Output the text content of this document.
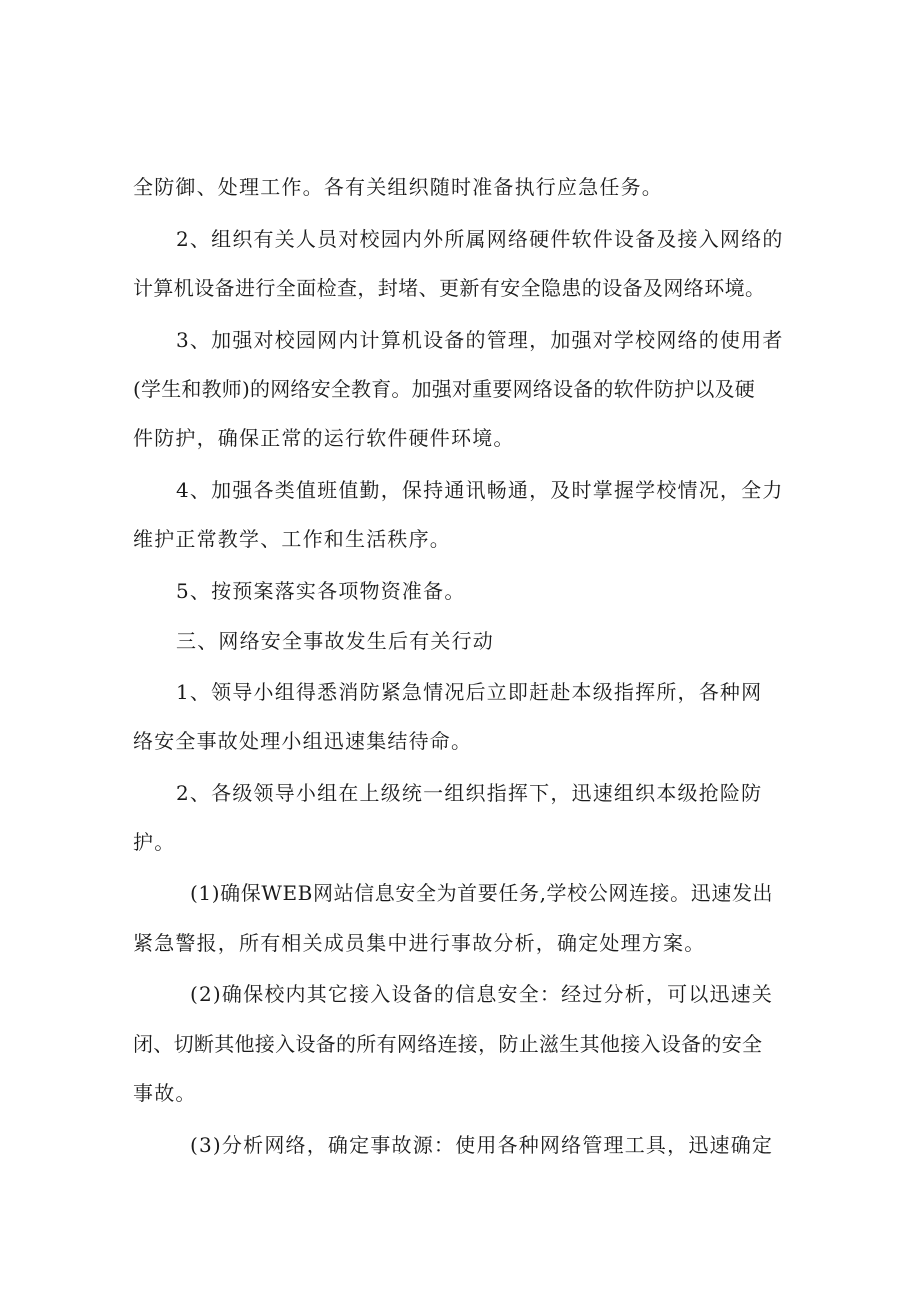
全防御、处理工作。各有关组织随时准备执行应急任务。
2、组织有关人员对校园内外所属网络硬件软件设备及接入网络的
计算机设备进行全面检查，封堵、更新有安全隐患的设备及网络环境。
3、加强对校园网内计算机设备的管理，加强对学校网络的使用者
(学生和教师)的网络安全教育。加强对重要网络设备的软件防护以及硬
件防护，确保正常的运行软件硬件环境。
4、加强各类值班值勤，保持通讯畅通，及时掌握学校情况，全力
维护正常教学、工作和生活秩序。
5、按预案落实各项物资准备。
三、网络安全事故发生后有关行动
1、领导小组得悉消防紧急情况后立即赶赴本级指挥所，各种网
络安全事故处理小组迅速集结待命。
2、各级领导小组在上级统一组织指挥下，迅速组织本级抢险防
护。
(1)确保WEB网站信息安全为首要任务,学校公网连接。迅速发出
紧急警报，所有相关成员集中进行事故分析，确定处理方案。
(2)确保校内其它接入设备的信息安全：经过分析，可以迅速关
闭、切断其他接入设备的所有网络连接，防止滋生其他接入设备的安全
事故。
(3)分析网络，确定事故源：使用各种网络管理工具，迅速确定
